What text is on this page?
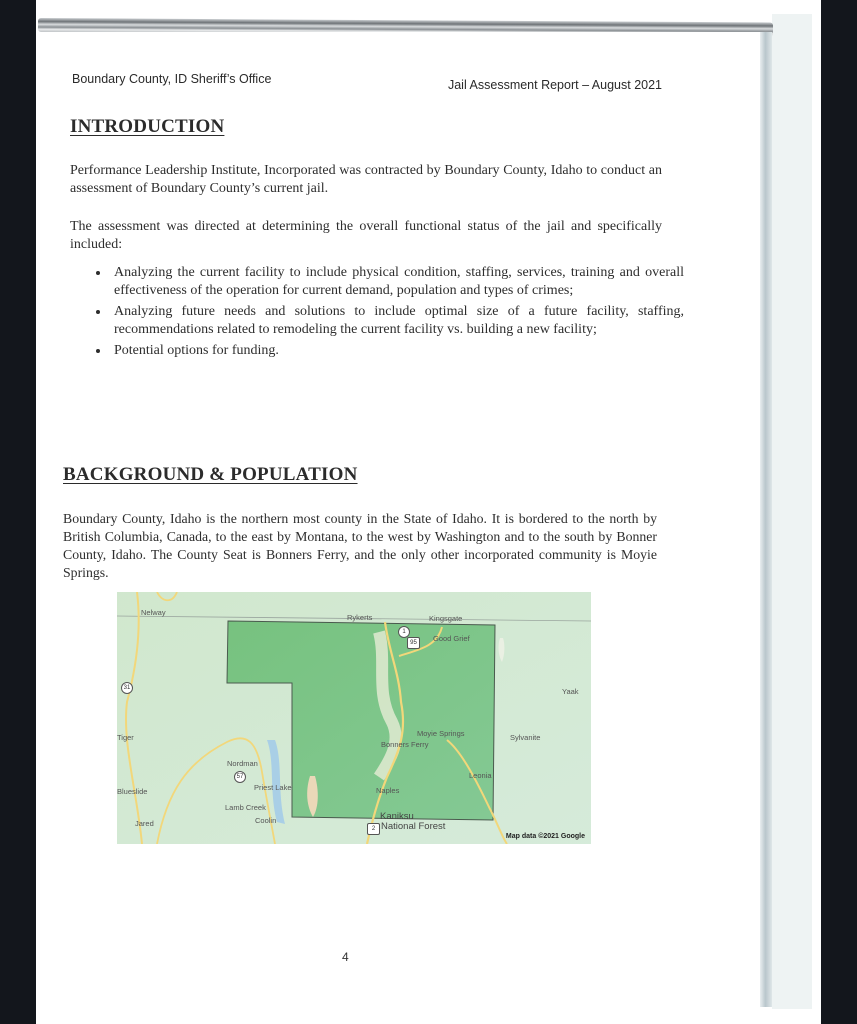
Boundary County, ID Sheriff’s Office	Jail Assessment Report – August 2021
INTRODUCTION

Performance Leadership Institute, Incorporated was contracted by Boundary County, Idaho to conduct an assessment of Boundary County’s current jail.

The assessment was directed at determining the overall functional status of the jail and specifically included:

• Analyzing the current facility to include physical condition, staffing, services, training and overall effectiveness of the operation for current demand, population and types of crimes;
• Analyzing future needs and solutions to include optimal size of a future facility, staffing, recommendations related to remodeling the current facility vs. building a new facility;
• Potential options for funding.
BACKGROUND & POPULATION

Boundary County, Idaho is the northern most county in the State of Idaho. It is bordered to the north by British Columbia, Canada, to the east by Montana, to the west by Washington and to the south by Bonner County, Idaho. The County Seat is Bonners Ferry, and the only other incorporated community is Moyie Springs.

Nelway
Rykerts	Kingsgate
Good Grief
Yaak
Tiger	Moyie Springs
Bonners Ferry
Sylvanite
Nordman
Leonia
Blueslide	Priest Lake	Naples
Lamb Creek
Jared	Coolin	Kaniksu
National Forest
31
1
95
57
2
Map data ©2021 Google
4
